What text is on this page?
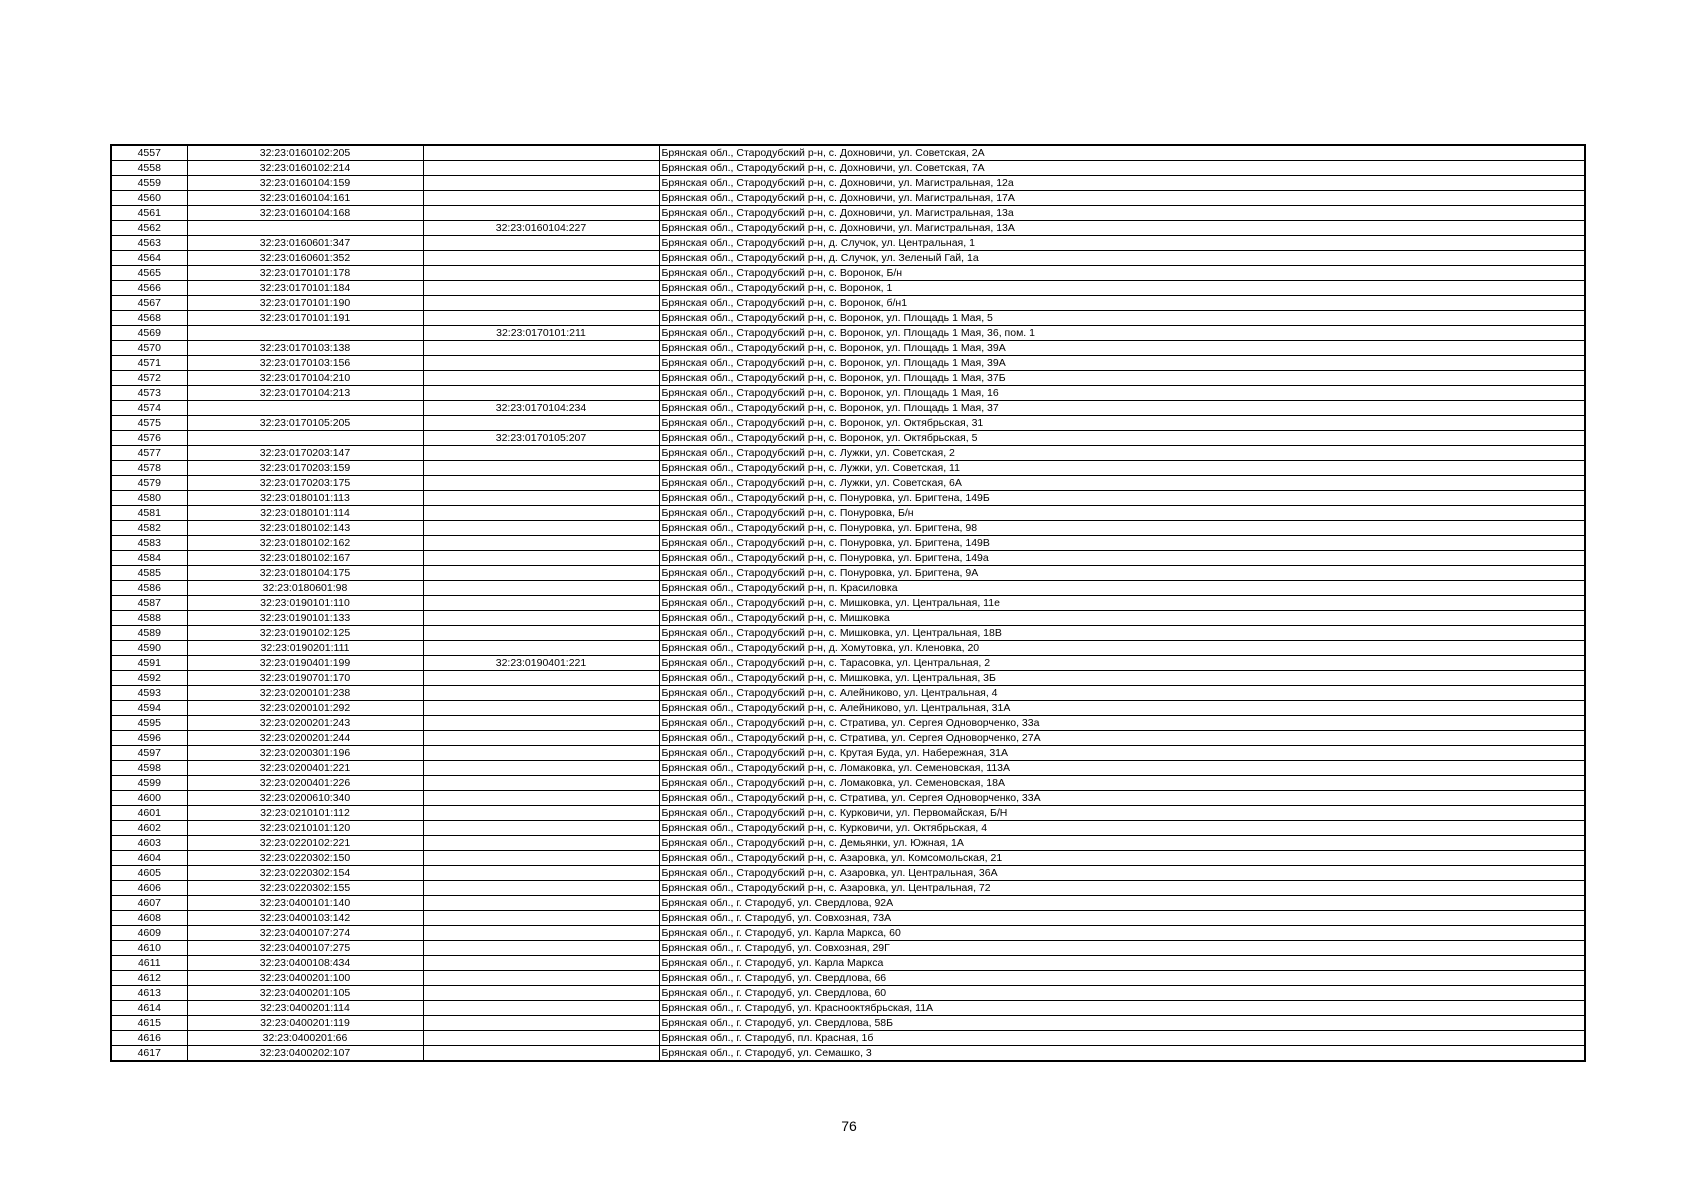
4557	32:23:0160102:205		Брянская обл., Стародубский р-н, с. Дохновичи, ул. Советская, 2А
4558	32:23:0160102:214		Брянская обл., Стародубский р-н, с. Дохновичи, ул. Советская, 7А
4559	32:23:0160104:159		Брянская обл., Стародубский р-н, с. Дохновичи, ул. Магистральная, 12а
4560	32:23:0160104:161		Брянская обл., Стародубский р-н, с. Дохновичи, ул. Магистральная, 17А
4561	32:23:0160104:168		Брянская обл., Стародубский р-н, с. Дохновичи, ул. Магистральная, 13а
4562		32:23:0160104:227	Брянская обл., Стародубский р-н, с. Дохновичи, ул. Магистральная, 13А
4563	32:23:0160601:347		Брянская обл., Стародубский р-н, д. Случок, ул. Центральная, 1
4564	32:23:0160601:352		Брянская обл., Стародубский р-н, д. Случок, ул. Зеленый Гай, 1а
4565	32:23:0170101:178		Брянская обл., Стародубский р-н, с. Воронок, Б/н
4566	32:23:0170101:184		Брянская обл., Стародубский р-н, с. Воронок, 1
4567	32:23:0170101:190		Брянская обл., Стародубский р-н, с. Воронок, б/н1
4568	32:23:0170101:191		Брянская обл., Стародубский р-н, с. Воронок, ул. Площадь 1 Мая, 5
4569		32:23:0170101:211	Брянская обл., Стародубский р-н, с. Воронок, ул. Площадь 1 Мая, 36, пом. 1
4570	32:23:0170103:138		Брянская обл., Стародубский р-н, с. Воронок, ул. Площадь 1 Мая, 39А
4571	32:23:0170103:156		Брянская обл., Стародубский р-н, с. Воронок, ул. Площадь 1 Мая, 39А
4572	32:23:0170104:210		Брянская обл., Стародубский р-н, с. Воронок, ул. Площадь 1 Мая, 37Б
4573	32:23:0170104:213		Брянская обл., Стародубский р-н, с. Воронок, ул. Площадь 1 Мая, 16
4574		32:23:0170104:234	Брянская обл., Стародубский р-н, с. Воронок, ул. Площадь 1 Мая, 37
4575	32:23:0170105:205		Брянская обл., Стародубский р-н, с. Воронок, ул. Октябрьская, 31
4576		32:23:0170105:207	Брянская обл., Стародубский р-н, с. Воронок, ул. Октябрьская, 5
4577	32:23:0170203:147		Брянская обл., Стародубский р-н, с. Лужки, ул. Советская, 2
4578	32:23:0170203:159		Брянская обл., Стародубский р-н, с. Лужки, ул. Советская, 11
4579	32:23:0170203:175		Брянская обл., Стародубский р-н, с. Лужки, ул. Советская, 6А
4580	32:23:0180101:113		Брянская обл., Стародубский р-н, с. Понуровка, ул. Бригтена, 149Б
4581	32:23:0180101:114		Брянская обл., Стародубский р-н, с. Понуровка, Б/н
4582	32:23:0180102:143		Брянская обл., Стародубский р-н, с. Понуровка, ул. Бригтена, 98
4583	32:23:0180102:162		Брянская обл., Стародубский р-н, с. Понуровка, ул. Бригтена, 149В
4584	32:23:0180102:167		Брянская обл., Стародубский р-н, с. Понуровка, ул. Бригтена, 149а
4585	32:23:0180104:175		Брянская обл., Стародубский р-н, с. Понуровка, ул. Бригтена, 9А
4586	32:23:0180601:98		Брянская обл., Стародубский р-н, п. Красиловка
4587	32:23:0190101:110		Брянская обл., Стародубский р-н, с. Мишковка, ул. Центральная, 11е
4588	32:23:0190101:133		Брянская обл., Стародубский р-н, с. Мишковка
4589	32:23:0190102:125		Брянская обл., Стародубский р-н, с. Мишковка, ул. Центральная, 18В
4590	32:23:0190201:111		Брянская обл., Стародубский р-н, д. Хомутовка, ул. Кленовка, 20
4591	32:23:0190401:199	32:23:0190401:221	Брянская обл., Стародубский р-н, с. Тарасовка, ул. Центральная, 2
4592	32:23:0190701:170		Брянская обл., Стародубский р-н, с. Мишковка, ул. Центральная, 3Б
4593	32:23:0200101:238		Брянская обл., Стародубский р-н, с. Алейниково, ул. Центральная, 4
4594	32:23:0200101:292		Брянская обл., Стародубский р-н, с. Алейниково, ул. Центральная, 31А
4595	32:23:0200201:243		Брянская обл., Стародубский р-н, с. Стратива, ул. Сергея Одноворченко, 33а
4596	32:23:0200201:244		Брянская обл., Стародубский р-н, с. Стратива, ул. Сергея Одноворченко, 27А
4597	32:23:0200301:196		Брянская обл., Стародубский р-н, с. Крутая Буда, ул. Набережная, 31А
4598	32:23:0200401:221		Брянская обл., Стародубский р-н, с. Ломаковка, ул. Семеновская, 113А
4599	32:23:0200401:226		Брянская обл., Стародубский р-н, с. Ломаковка, ул. Семеновская, 18А
4600	32:23:0200610:340		Брянская обл., Стародубский р-н, с. Стратива, ул. Сергея Одноворченко, 33А
4601	32:23:0210101:112		Брянская обл., Стародубский р-н, с. Курковичи, ул. Первомайская, Б/Н
4602	32:23:0210101:120		Брянская обл., Стародубский р-н, с. Курковичи, ул. Октябрьская, 4
4603	32:23:0220102:221		Брянская обл., Стародубский р-н, с. Демьянки, ул. Южная, 1А
4604	32:23:0220302:150		Брянская обл., Стародубский р-н, с. Азаровка, ул. Комсомольская, 21
4605	32:23:0220302:154		Брянская обл., Стародубский р-н, с. Азаровка, ул. Центральная, 36А
4606	32:23:0220302:155		Брянская обл., Стародубский р-н, с. Азаровка, ул. Центральная, 72
4607	32:23:0400101:140		Брянская обл., г. Стародуб, ул. Свердлова, 92А
4608	32:23:0400103:142		Брянская обл., г. Стародуб, ул. Совхозная, 73А
4609	32:23:0400107:274		Брянская обл., г. Стародуб, ул. Карла Маркса, 60
4610	32:23:0400107:275		Брянская обл., г. Стародуб, ул. Совхозная, 29Г
4611	32:23:0400108:434		Брянская обл., г. Стародуб, ул. Карла Маркса
4612	32:23:0400201:100		Брянская обл., г. Стародуб, ул. Свердлова, 66
4613	32:23:0400201:105		Брянская обл., г. Стародуб, ул. Свердлова, 60
4614	32:23:0400201:114		Брянская обл., г. Стародуб, ул. Краснооктябрьская, 11А
4615	32:23:0400201:119		Брянская обл., г. Стародуб, ул. Свердлова, 58Б
4616	32:23:0400201:66		Брянская обл., г. Стародуб, пл. Красная, 1б
4617	32:23:0400202:107		Брянская обл., г. Стародуб, ул. Семашко, 3
76
